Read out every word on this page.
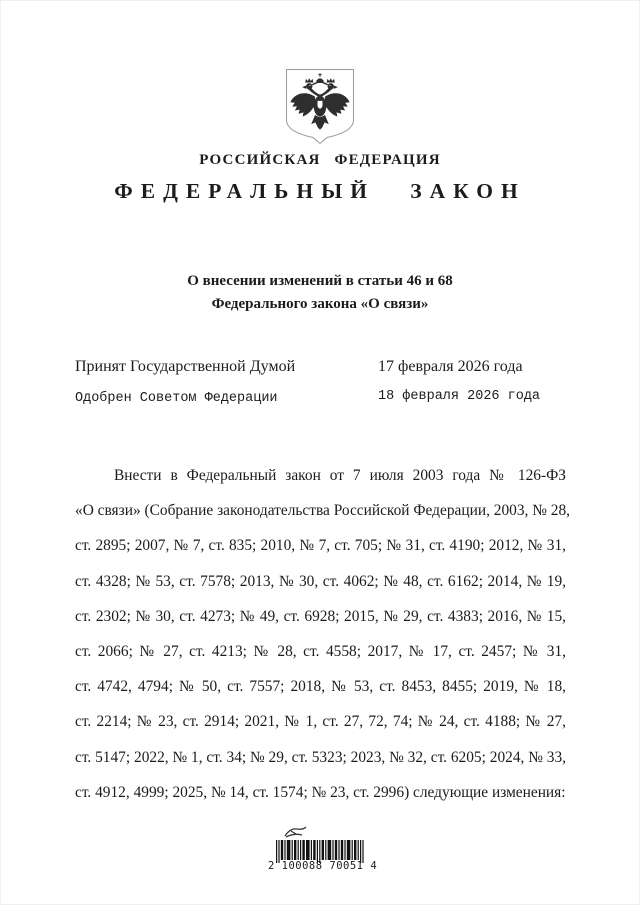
РОССИЙСКАЯ ФЕДЕРАЦИЯ
ФЕДЕРАЛЬНЫЙ ЗАКОН
О внесении изменений в статьи 46 и 68
Федерального закона «О связи»
Принят Государственной Думой	17 февраля 2026 года
Одобрен Советом Федерации	18 февраля 2026 года
Внести в Федеральный закон от 7 июля 2003 года № 126-ФЗ
«О связи» (Собрание законодательства Российской Федерации, 2003, № 28,
ст. 2895; 2007, № 7, ст. 835; 2010, № 7, ст. 705; № 31, ст. 4190; 2012, № 31,
ст. 4328; № 53, ст. 7578; 2013, № 30, ст. 4062; № 48, ст. 6162; 2014, № 19,
ст. 2302; № 30, ст. 4273; № 49, ст. 6928; 2015, № 29, ст. 4383; 2016, № 15,
ст. 2066; № 27, ст. 4213; № 28, ст. 4558; 2017, № 17, ст. 2457; № 31,
ст. 4742, 4794; № 50, ст. 7557; 2018, № 53, ст. 8453, 8455; 2019, № 18,
ст. 2214; № 23, ст. 2914; 2021, № 1, ст. 27, 72, 74; № 24, ст. 4188; № 27,
ст. 5147; 2022, № 1, ст. 34; № 29, ст. 5323; 2023, № 32, ст. 6205; 2024, № 33,
ст. 4912, 4999; 2025, № 14, ст. 1574; № 23, ст. 2996) следующие изменения:
2 100088 70051 4
